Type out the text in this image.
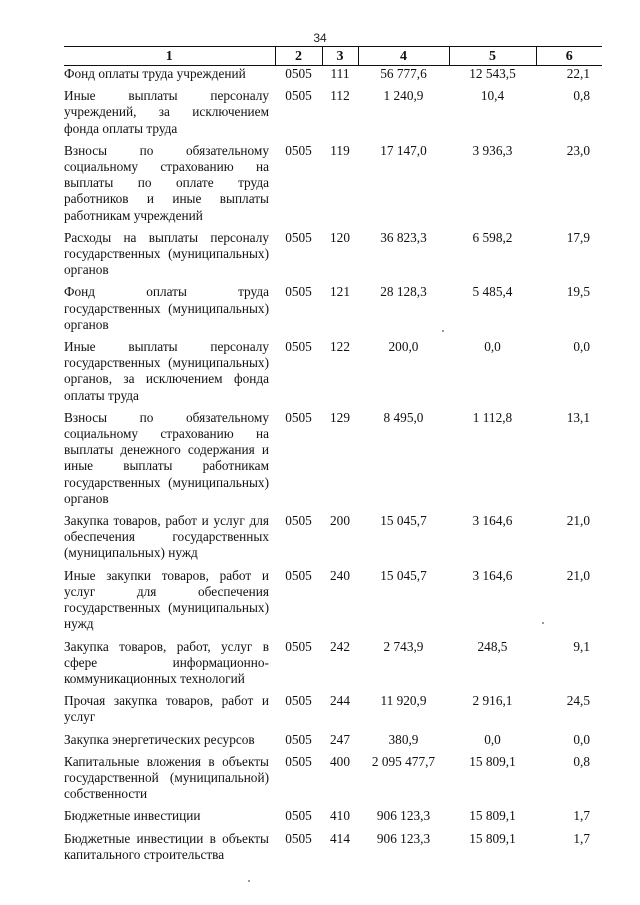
34
1	2	3	4	5	6
Фонд оплаты труда учреждений	0505	111	56 777,6	12 543,5	22,1
Иные выплаты персоналу учреждений, за исключением фонда оплаты труда	0505	112	1 240,9	10,4	0,8
Взносы по обязательному социальному страхованию на выплаты по оплате труда работников и иные выплаты работникам учреждений	0505	119	17 147,0	3 936,3	23,0
Расходы на выплаты персоналу государственных (муниципальных) органов	0505	120	36 823,3	6 598,2	17,9
Фонд оплаты труда государственных (муниципальных) органов	0505	121	28 128,3	5 485,4	19,5
Иные выплаты персоналу государственных (муниципальных) органов, за исключением фонда оплаты труда	0505	122	200,0	0,0	0,0
Взносы по обязательному социальному страхованию на выплаты денежного содержания и иные выплаты работникам государственных (муниципальных) органов	0505	129	8 495,0	1 112,8	13,1
Закупка товаров, работ и услуг для обеспечения государственных (муниципальных) нужд	0505	200	15 045,7	3 164,6	21,0
Иные закупки товаров, работ и услуг для обеспечения государственных (муниципальных) нужд	0505	240	15 045,7	3 164,6	21,0
Закупка товаров, работ, услуг в сфере информационно-коммуникационных технологий	0505	242	2 743,9	248,5	9,1
Прочая закупка товаров, работ и услуг	0505	244	11 920,9	2 916,1	24,5
Закупка энергетических ресурсов	0505	247	380,9	0,0	0,0
Капитальные вложения в объекты государственной (муниципальной) собственности	0505	400	2 095 477,7	15 809,1	0,8
Бюджетные инвестиции	0505	410	906 123,3	15 809,1	1,7
Бюджетные инвестиции в объекты капитального строительства	0505	414	906 123,3	15 809,1	1,7
